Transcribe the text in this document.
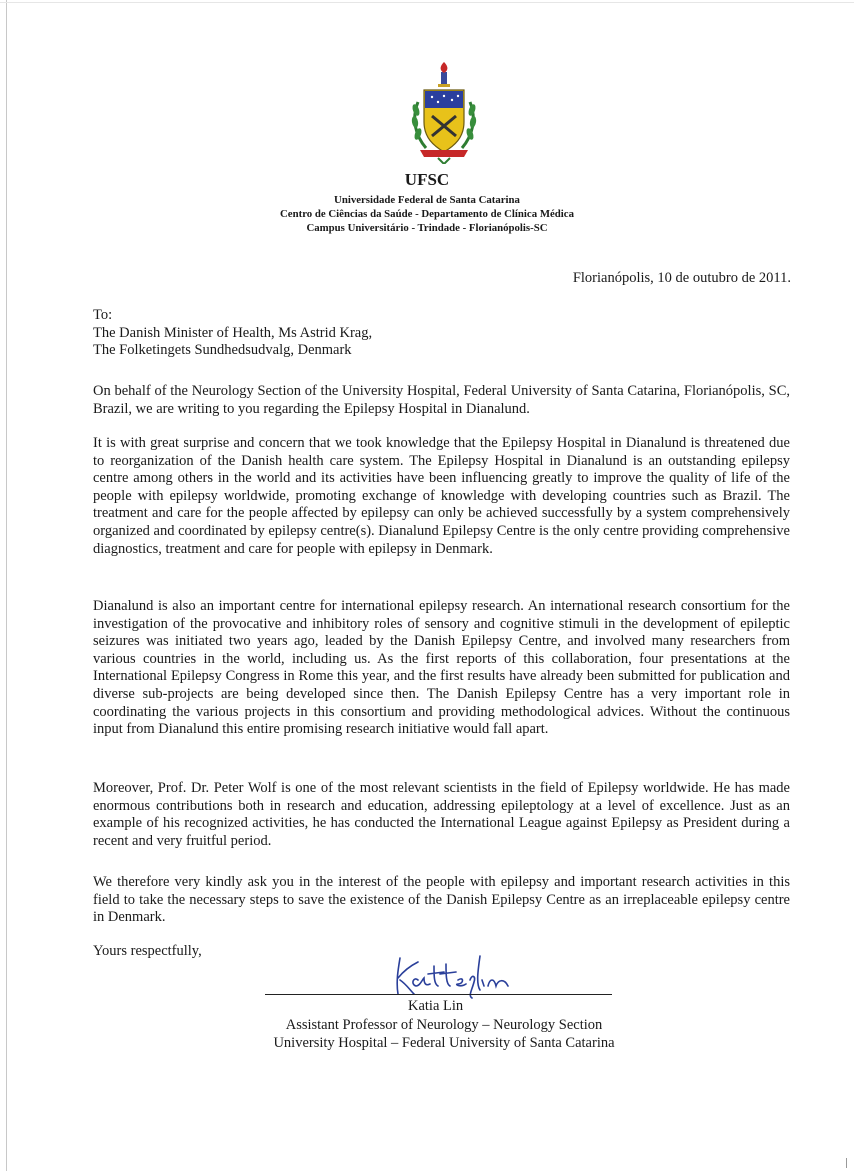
UFSC
Universidade Federal de Santa Catarina
Centro de Ciências da Saúde - Departamento de Clínica Médica
Campus Universitário - Trindade - Florianópolis-SC
Florianópolis, 10 de outubro de 2011.
To:
The Danish Minister of Health, Ms Astrid Krag,
The Folketingets Sundhedsudvalg, Denmark

On behalf of the Neurology Section of the University Hospital, Federal University of Santa Catarina, Florianópolis, SC, Brazil, we are writing to you regarding the Epilepsy Hospital in Dianalund.

It is with great surprise and concern that we took knowledge that the Epilepsy Hospital in Dianalund is threatened due to reorganization of the Danish health care system. The Epilepsy Hospital in Dianalund is an outstanding epilepsy centre among others in the world and its activities have been influencing greatly to improve the quality of life of the people with epilepsy worldwide, promoting exchange of knowledge with developing countries such as Brazil. The treatment and care for the people affected by epilepsy can only be achieved successfully by a system comprehensively organized and coordinated by epilepsy centre(s). Dianalund Epilepsy Centre is the only centre providing comprehensive diagnostics, treatment and care for people with epilepsy in Denmark.

Dianalund is also an important centre for international epilepsy research. An international research consortium for the investigation of the provocative and inhibitory roles of sensory and cognitive stimuli in the development of epileptic seizures was initiated two years ago, leaded by the Danish Epilepsy Centre, and involved many researchers from various countries in the world, including us. As the first reports of this collaboration, four presentations at the International Epilepsy Congress in Rome this year, and the first results have already been submitted for publication and diverse sub-projects are being developed since then. The Danish Epilepsy Centre has a very important role in coordinating the various projects in this consortium and providing methodological advices. Without the continuous input from Dianalund this entire promising research initiative would fall apart.

Moreover, Prof. Dr. Peter Wolf is one of the most relevant scientists in the field of Epilepsy worldwide. He has made enormous contributions both in research and education, addressing epileptology at a level of excellence. Just as an example of his recognized activities, he has conducted the International League against Epilepsy as President during a recent and very fruitful period.

We therefore very kindly ask you in the interest of the people with epilepsy and important research activities in this field to take the necessary steps to save the existence of the Danish Epilepsy Centre as an irreplaceable epilepsy centre in Denmark.

Yours respectfully,
Katia Lin
Assistant Professor of Neurology – Neurology Section
University Hospital – Federal University of Santa Catarina
